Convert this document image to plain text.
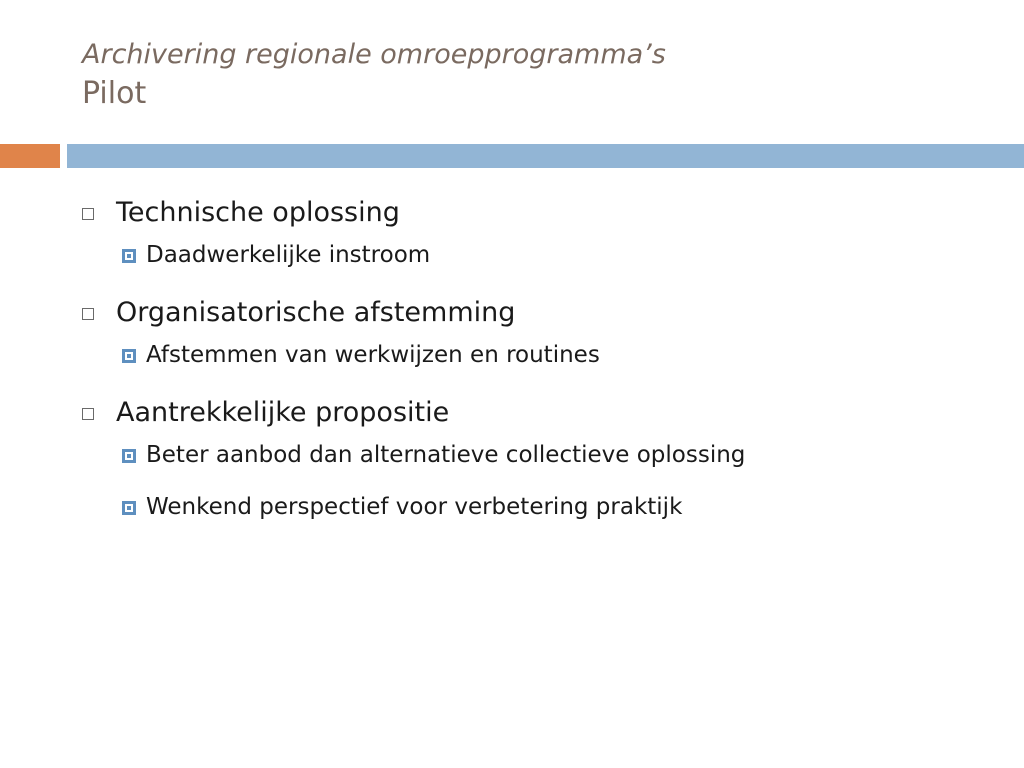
Archivering regionale omroepprogramma’s
Pilot
Technische oplossing
Daadwerkelijke instroom
Organisatorische afstemming
Afstemmen van werkwijzen en routines
Aantrekkelijke propositie
Beter aanbod dan alternatieve collectieve oplossing
Wenkend perspectief voor verbetering praktijk
